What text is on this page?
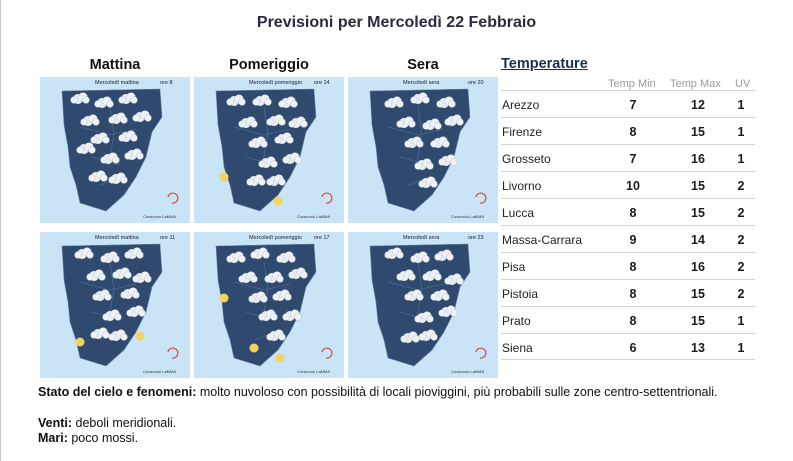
Previsioni per Mercoledì 22 Febbraio
Mattina	Pomeriggio	Sera
Mercoledì mattina	ore 8
Consorzio LaMMA
Mercoledì pomeriggio ore 14
Consorzio LaMMA
Mercoledì sera	ore 20
Consorzio LaMMA
Mercoledì mattina	ore 11
Consorzio LaMMA
Mercoledì pomeriggio ore 17
Consorzio LaMMA
Mercoledì sera	ore 23
Consorzio LaMMA
Temperature
Temp Min Temp Max UV
Arezzo	7	12	1
Firenze	8	15	1
Grosseto	7	16	1
Livorno	10	15	2
Lucca	8	15	2
Massa-Carrara	9	14	2
Pisa	8	16	2
Pistoia	8	15	2
Prato	8	15	1
Siena	6	13	1
Stato del cielo e fenomeni: molto nuvoloso con possibilità di locali pioviggini, più probabili sulle zone centro-settentrionali.
Venti: deboli meridionali.
Mari: poco mossi.
